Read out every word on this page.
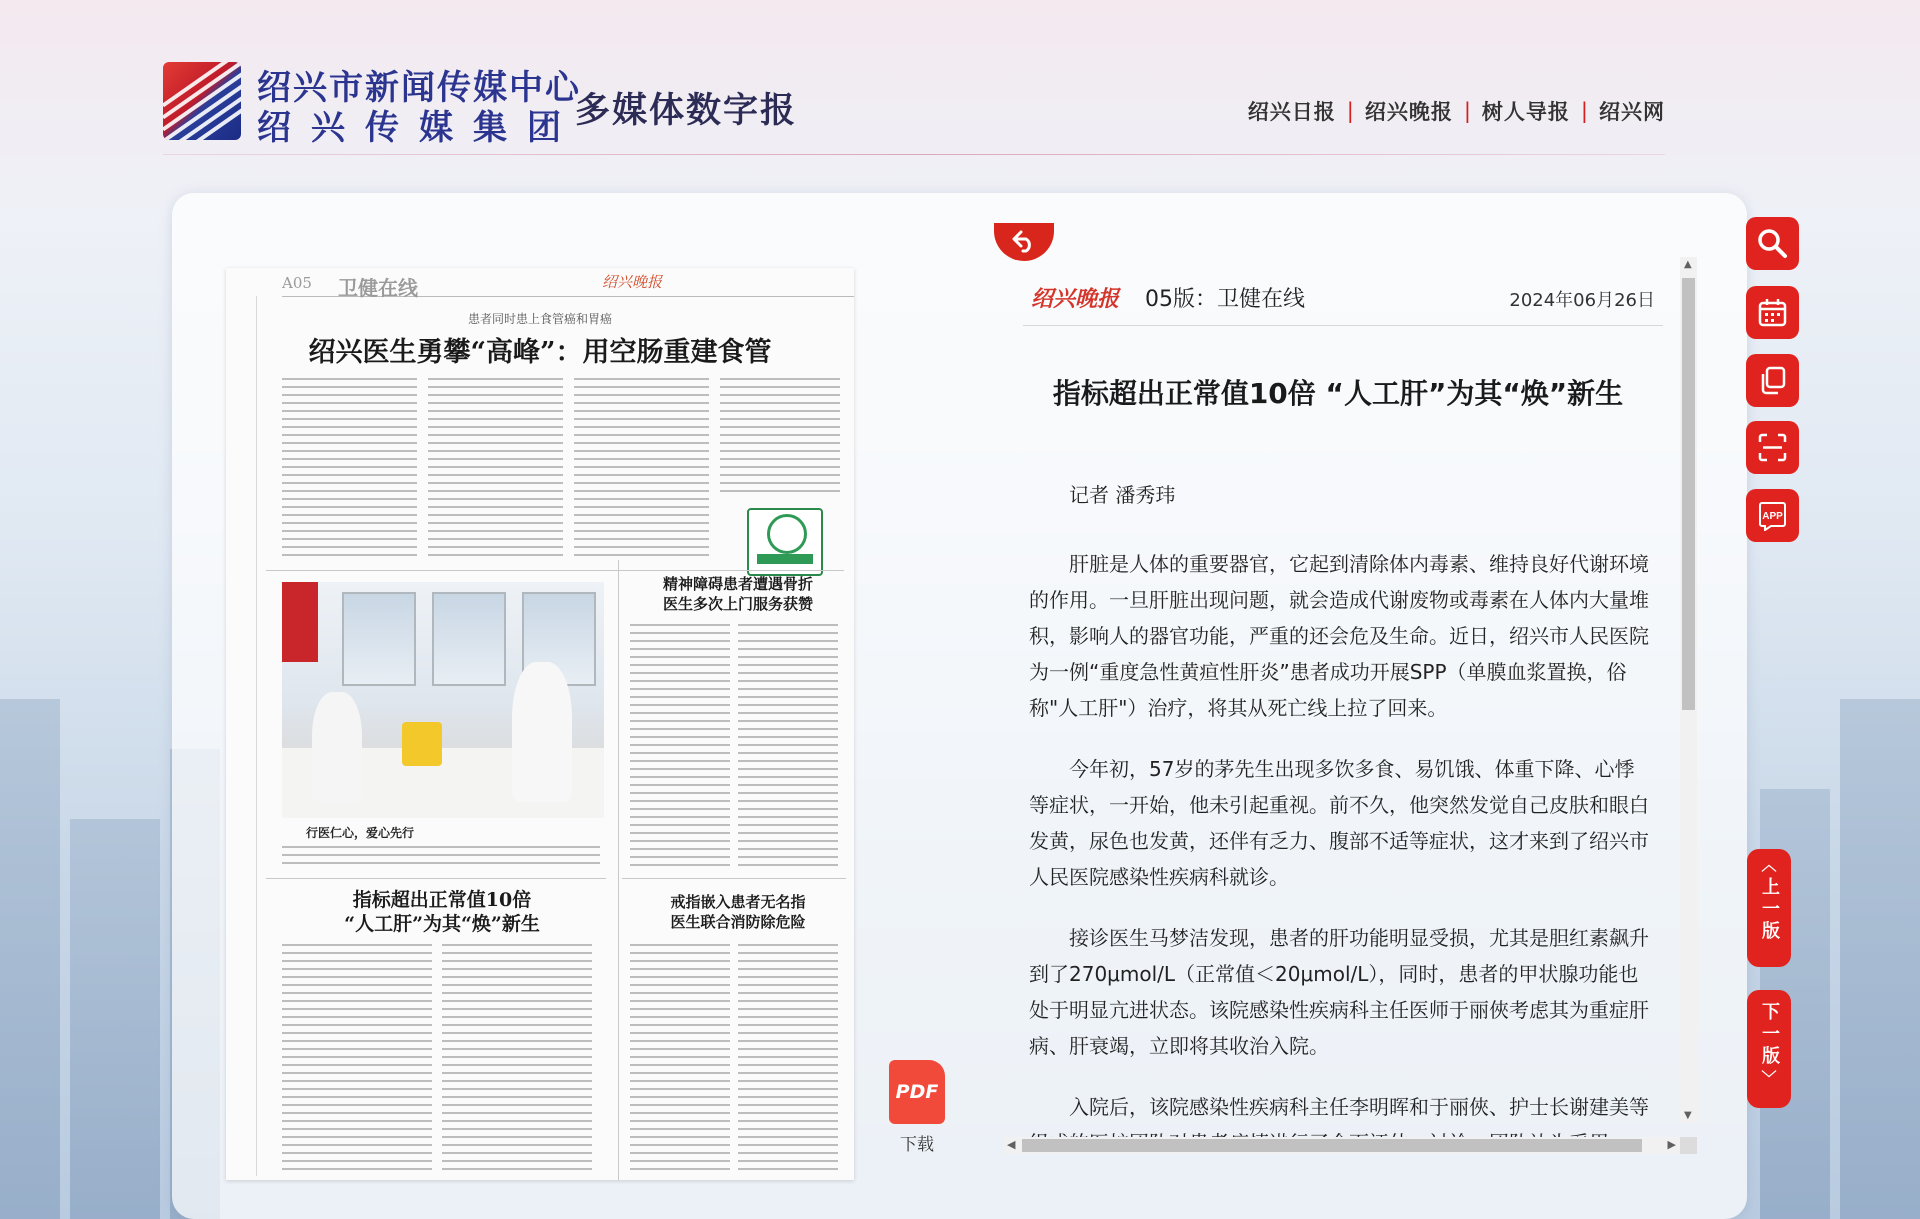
绍兴市新闻传媒中心
绍兴传媒集团
多媒体数字报	绍兴日报 | 绍兴晚报 | 树人导报 | 绍兴网
A05 卫健在线	绍兴晚报
患者同时患上食管癌和胃癌
绍兴医生勇攀“高峰”：用空肠重建食管
行医仁心，爱心先行
指标超出正常值10倍
“人工肝”为其“焕”新生
精神障碍患者遭遇骨折
医生多次上门服务获赞
戒指嵌入患者无名指
医生联合消防除危险
PDF
下载
绍兴晚报 05版：卫健在线	2024年06月26日
指标超出正常值10倍 “人工肝”为其“焕”新生

记者 潘秀玮

肝脏是人体的重要器官，它起到清除体内毒素、维持良好代谢环境的作用。一旦肝脏出现问题，就会造成代谢废物或毒素在人体内大量堆积，影响人的器官功能，严重的还会危及生命。近日，绍兴市人民医院为一例“重度急性黄疸性肝炎”患者成功开展SPP（单膜血浆置换，俗称"人工肝"）治疗，将其从死亡线上拉了回来。

今年初，57岁的茅先生出现多饮多食、易饥饿、体重下降、心悸等症状，一开始，他未引起重视。前不久，他突然发觉自己皮肤和眼白发黄，尿色也发黄，还伴有乏力、腹部不适等症状，这才来到了绍兴市人民医院感染性疾病科就诊。

接诊医生马梦洁发现，患者的肝功能明显受损，尤其是胆红素飙升到了270μmol/L（正常值＜20μmol/L），同时，患者的甲状腺功能也处于明显亢进状态。该院感染性疾病科主任医师于丽俠考虑其为重症肝病、肝衰竭，立即将其收治入院。

入院后，该院感染性疾病科主任李明晖和于丽俠、护士长谢建美等

▲
▼
◀	▶
APP
︿
上一版
下一版
﹀
